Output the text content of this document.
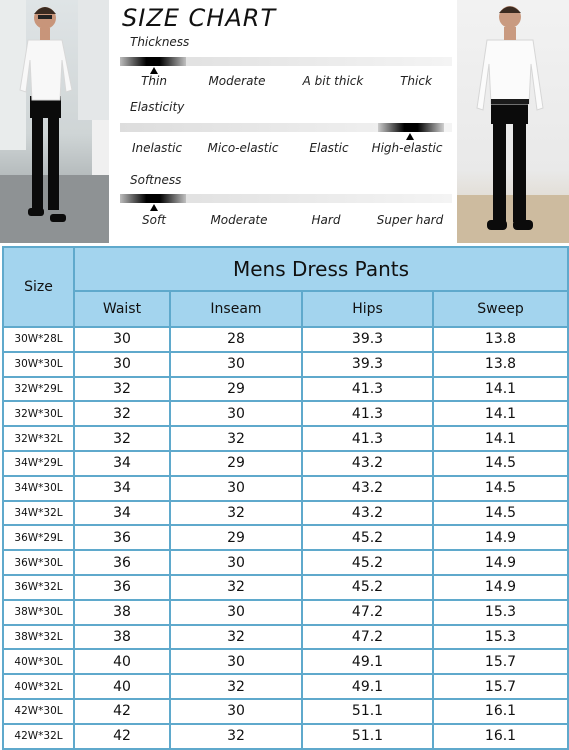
SIZE CHART
Thickness
Thin	Moderate	A bit thick	Thick
Elasticity
Inelastic	Mico-elastic	Elastic	High-elastic
Softness
Soft	Moderate	Hard	Super hard
Size	Mens Dress Pants			
	Waist	Inseam	Hips	Sweep
30W*28L	30	28	39.3	13.8
30W*30L	30	30	39.3	13.8
32W*29L	32	29	41.3	14.1
32W*30L	32	30	41.3	14.1
32W*32L	32	32	41.3	14.1
34W*29L	34	29	43.2	14.5
34W*30L	34	30	43.2	14.5
34W*32L	34	32	43.2	14.5
36W*29L	36	29	45.2	14.9
36W*30L	36	30	45.2	14.9
36W*32L	36	32	45.2	14.9
38W*30L	38	30	47.2	15.3
38W*32L	38	32	47.2	15.3
40W*30L	40	30	49.1	15.7
40W*32L	40	32	49.1	15.7
42W*30L	42	30	51.1	16.1
42W*32L	42	32	51.1	16.1
